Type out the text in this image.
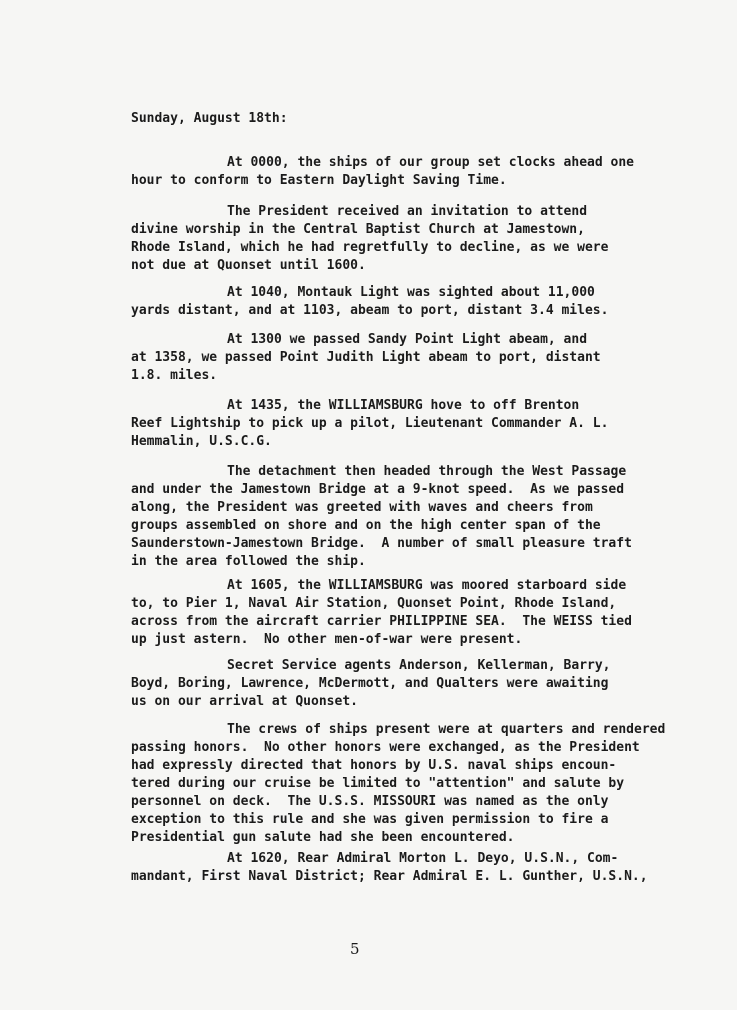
Sunday, August 18th:
At 0000, the ships of our group set clocks ahead one
hour to conform to Eastern Daylight Saving Time.
The President received an invitation to attend
divine worship in the Central Baptist Church at Jamestown,
Rhode Island, which he had regretfully to decline, as we were
not due at Quonset until 1600.
At 1040, Montauk Light was sighted about 11,000
yards distant, and at 1103, abeam to port, distant 3.4 miles.
At 1300 we passed Sandy Point Light abeam, and
at 1358, we passed Point Judith Light abeam to port, distant
1.8. miles.
At 1435, the WILLIAMSBURG hove to off Brenton
Reef Lightship to pick up a pilot, Lieutenant Commander A. L.
Hemmalin, U.S.C.G.
The detachment then headed through the West Passage
and under the Jamestown Bridge at a 9-knot speed.  As we passed
along, the President was greeted with waves and cheers from
groups assembled on shore and on the high center span of the
Saunderstown-Jamestown Bridge.  A number of small pleasure traft
in the area followed the ship.
At 1605, the WILLIAMSBURG was moored starboard side
to, to Pier 1, Naval Air Station, Quonset Point, Rhode Island,
across from the aircraft carrier PHILIPPINE SEA.  The WEISS tied
up just astern.  No other men-of-war were present.
Secret Service agents Anderson, Kellerman, Barry,
Boyd, Boring, Lawrence, McDermott, and Qualters were awaiting
us on our arrival at Quonset.
The crews of ships present were at quarters and rendered
passing honors.  No other honors were exchanged, as the President
had expressly directed that honors by U.S. naval ships encoun-
tered during our cruise be limited to "attention" and salute by
personnel on deck.  The U.S.S. MISSOURI was named as the only
exception to this rule and she was given permission to fire a
Presidential gun salute had she been encountered.
At 1620, Rear Admiral Morton L. Deyo, U.S.N., Com-
mandant, First Naval District; Rear Admiral E. L. Gunther, U.S.N.,
5
